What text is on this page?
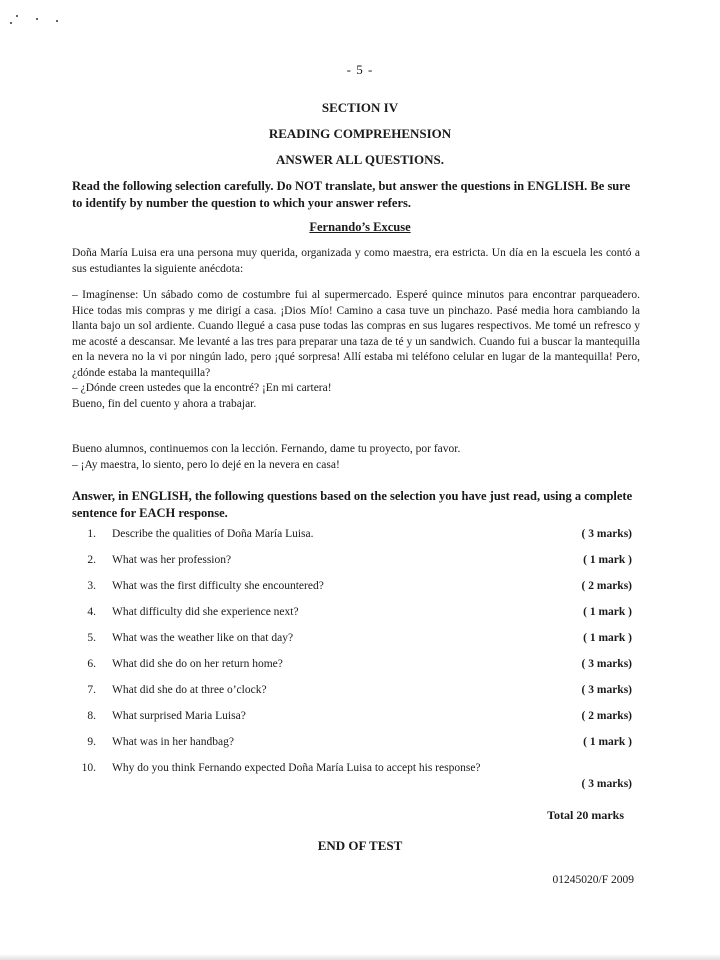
- 5 -
SECTION IV
READING COMPREHENSION
ANSWER ALL QUESTIONS.
Read the following selection carefully. Do NOT translate, but answer the questions in ENGLISH. Be sure to identify by number the question to which your answer refers.
Fernando’s Excuse
Doña María Luisa era una persona muy querida, organizada y como maestra, era estricta. Un día en la escuela les contó a sus estudiantes la siguiente anécdota:

– Imagínense: Un sábado como de costumbre fui al supermercado. Esperé quince minutos para encontrar parqueadero. Hice todas mis compras y me dirigí a casa. ¡Dios Mío! Camino a casa tuve un pinchazo. Pasé media hora cambiando la llanta bajo un sol ardiente. Cuando llegué a casa puse todas las compras en sus lugares respectivos. Me tomé un refresco y me acosté a descansar. Me levanté a las tres para preparar una taza de té y un sandwich. Cuando fui a buscar la mantequilla en la nevera no la vi por ningún lado, pero ¡qué sorpresa! Allí estaba mi teléfono celular en lugar de la mantequilla! Pero, ¿dónde estaba la mantequilla?

– ¿Dónde creen ustedes que la encontré? ¡En mi cartera!

Bueno, fin del cuento y ahora a trabajar.

Bueno alumnos, continuemos con la lección. Fernando, dame tu proyecto, por favor.

– ¡Ay maestra, lo siento, pero lo dejé en la nevera en casa!

Answer, in ENGLISH, the following questions based on the selection you have just read, using a complete sentence for EACH response.
1. Describe the qualities of Doña María Luisa.	( 3 marks)
2. What was her profession?	( 1 mark )
3. What was the first difficulty she encountered?	( 2 marks)
4. What difficulty did she experience next?	( 1 mark )
5. What was the weather like on that day?	( 1 mark )
6. What did she do on her return home?	( 3 marks)
7. What did she do at three o’clock?	( 3 marks)
8. What surprised Maria Luisa?	( 2 marks)
9. What was in her handbag?	( 1 mark )
10. Why do you think Fernando expected Doña María Luisa to accept his response?
( 3 marks)
Total 20 marks
END OF TEST
01245020/F 2009
